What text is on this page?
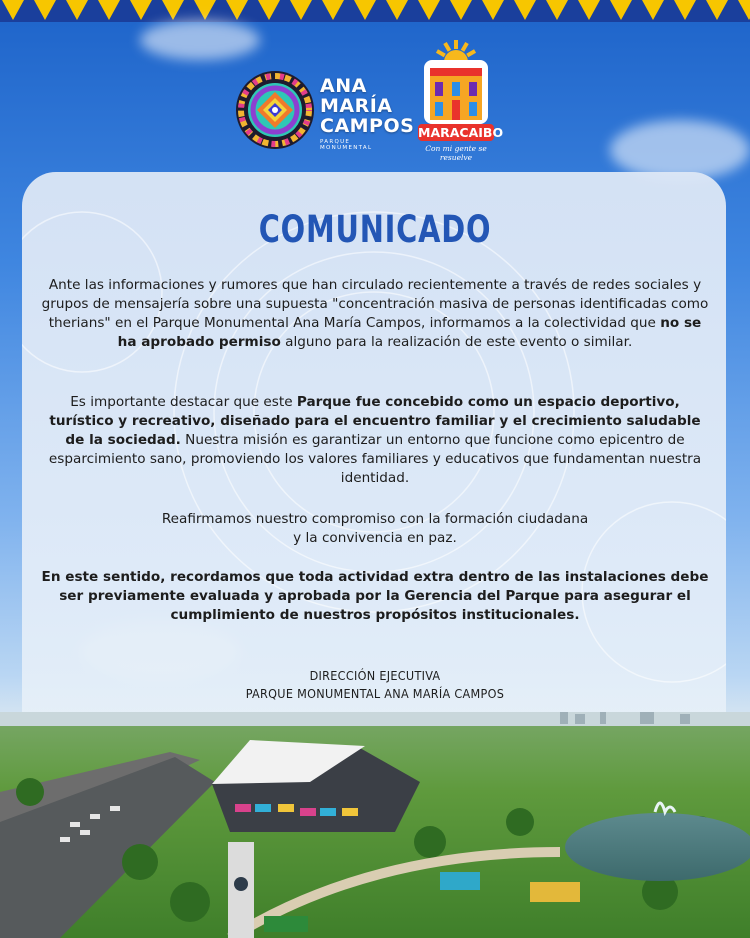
ANA
MARÍA
CAMPOS
PARQUE MONUMENTAL
MARACAIBO
Con mi gente se resuelve
COMUNICADO
Ante las informaciones y rumores que han circulado recientemente a través de redes sociales y grupos de mensajería sobre una supuesta "concentración masiva de personas identificadas como therians" en el Parque Monumental Ana María Campos, informamos a la colectividad que no se ha aprobado permiso alguno para la realización de este evento o similar.
Es importante destacar que este Parque fue concebido como un espacio deportivo, turístico y recreativo, diseñado para el encuentro familiar y el crecimiento saludable de la sociedad. Nuestra misión es garantizar un entorno que funcione como epicentro de esparcimiento sano, promoviendo los valores familiares y educativos que fundamentan nuestra identidad.
Reafirmamos nuestro compromiso con la formación ciudadana
y la convivencia en paz.
En este sentido, recordamos que toda actividad extra dentro de las instalaciones debe ser previamente evaluada y aprobada por la Gerencia del Parque para asegurar el cumplimiento de nuestros propósitos institucionales.
DIRECCIÓN EJECUTIVA
PARQUE MONUMENTAL ANA MARÍA CAMPOS
